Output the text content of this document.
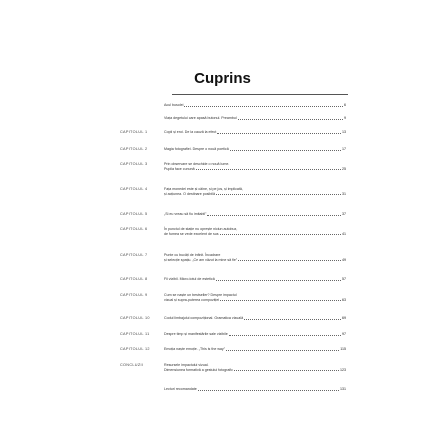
Cuprins
Acul busolei	6
Viața degetului care apasă butonul. Preambul	9
CAPITOLUL 1	Copii și eroi. De la cauză la efect	13
CAPITOLUL 2	Magia fotografiei. Despre o nouă poetică	17
CAPITOLUL 3	Prin observare se deschide o nouă lume.
Pupila face cunună	25
CAPITOLUL 4	Fața monedei este și câine, și pe jos, și implicată,
și acțiunea. O destinare posibilă	31
CAPITOLUL 5	„Si eu vreau să fiu imitabil”	37
CAPITOLUL 6	În punctul de stație nu oprește niciun autobuz,
de fumea se vede excelent de sus	41
CAPITOLUL 7	Punte cu bucăți de infinit. Încadrare
și selecție spațiu. „Ce am văzut la mine să fie”	49
CAPITOLUL 8	Fii vizibil. Micro-totul de estetică	57
CAPITOLUL 9	Cum se naște un bestseller? Despre impactul
vizual și supra-puterea compoziției	63
CAPITOLUL 10	Codul limbajului compozițional. Gramatica vizuală	69
CAPITOLUL 11	Despre timp și manifestările sale vizibile	97
CAPITOLUL 12	Emoția naște emoție. „This is the way”	115
CONCLUZII	Resursele impactului vizual.
Dimensiunea formativă a gestului fotografic	123
Lecturi recomandate	131
